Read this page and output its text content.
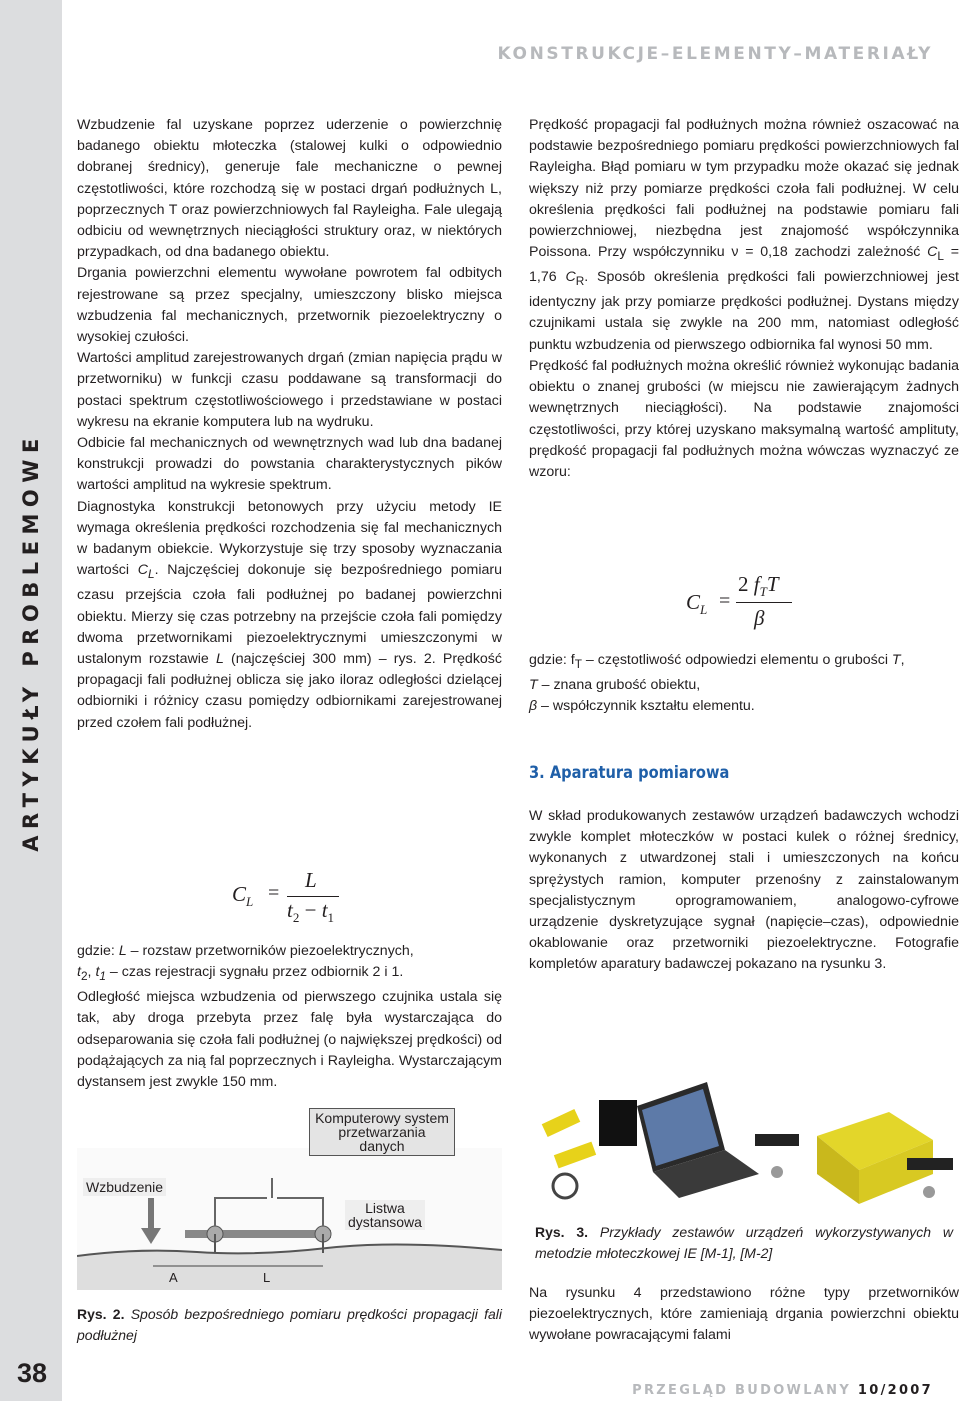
ARTYKUŁY PROBLEMOWE
38
KONSTRUKCJE–ELEMENTY–MATERIAŁY
PRZEGLĄD BUDOWLANY 10/2007

Wzbudzenie fal uzyskane poprzez uderzenie o powierzchnię badanego obiektu młoteczka (stalowej kulki o odpowiednio dobranej średnicy), generuje fale mechaniczne o pewnej częstotliwości, które rozchodzą się w postaci drgań podłużnych L, poprzecznych T oraz powierzchniowych fal Rayleigha. Fale ulegają odbiciu od wewnętrznych nieciągłości struktury oraz, w niektórych przypadkach, od dna badanego obiektu.

Drgania powierzchni elementu wywołane powrotem fal odbitych rejestrowane są przez specjalny, umieszczony blisko miejsca wzbudzenia fal mechanicznych, przetwornik piezoelektryczny o wysokiej czułości.

Wartości amplitud zarejestrowanych drgań (zmian napięcia prądu w przetworniku) w funkcji czasu poddawane są transformacji do postaci spektrum częstotliwościowego i przedstawiane w postaci wykresu na ekranie komputera lub na wydruku.

Odbicie fal mechanicznych od wewnętrznych wad lub dna badanej konstrukcji prowadzi do powstania charakterystycznych pików wartości amplitud na wykresie spektrum.

Diagnostyka konstrukcji betonowych przy użyciu metody IE wymaga określenia prędkości rozchodzenia się fal mechanicznych w badanym obiekcie. Wykorzystuje się trzy sposoby wyznaczania wartości $C_L$. Najczęściej dokonuje się bezpośredniego pomiaru czasu przejścia czoła fali podłużnej po badanej powierzchni obiektu. Mierzy się czas potrzebny na przejście czoła fali pomiędzy dwoma przetwornikami piezoelektrycznymi umieszczonymi w ustalonym rozstawie L (najczęściej 300 mm) – rys. 2. Prędkość propagacji fali podłużnej oblicza się jako iloraz odległości dzielącej odbiorniki i różnicy czasu pomiędzy odbiornikami zarejestrowanej przed czołem fali podłużnej.

$C_L$ =
L
$t_2 - t_1$

gdzie: L – rozstaw przetworników piezoelektrycznych,

$t_2$, $t_1$ – czas rejestracji sygnału przez odbiornik 2 i 1.

Odległość miejsca wzbudzenia od pierwszego czujnika ustala się tak, aby droga przebyta przez falę była wystarczająca do odseparowania się czoła fali podłużnej (o największej prędkości) od podążających za nią fal poprzecznych i Rayleigha. Wystarczającym dystansem jest zwykle 150 mm.

Wzbudzenie
Komputerowy system
przetwarzania
danych
Listwa
dystansowa
A	L
Rys. 2. Sposób bezpośredniego pomiaru prędkości propagacji fali podłużnej

Prędkość propagacji fal podłużnych można również oszacować na podstawie bezpośredniego pomiaru prędkości powierzchniowych fal Rayleigha. Błąd pomiaru w tym przypadku może okazać się jednak większy niż przy pomiarze prędkości czoła fali podłużnej. W celu określenia prędkości fali podłużnej na podstawie pomiaru fali powierzchniowej, niezbędna jest znajomość współczynnika Poissona. Przy współczynniku ν = 0,18 zachodzi zależność $C_L = 1,76$ $C_R$. Sposób określenia prędkości fali powierzchniowej jest identyczny jak przy pomiarze prędkości podłużnej. Dystans między czujnikami ustala się zwykle na 200 mm, natomiast odległość punktu wzbudzenia od pierwszego odbiornika fal wynosi 50 mm.

Prędkość fal podłużnych można określić również wykonując badania obiektu o znanej grubości (w miejscu nie zawierającym żadnych wewnętrznych nieciągłości). Na podstawie znajomości częstotliwości, przy której uzyskano maksymalną wartość amplituty, prędkość propagacji fal podłużnych można wówczas wyznaczyć ze wzoru:

$C_L$ =
2 $f_TT$
β

gdzie: $f_T$ – częstotliwość odpowiedzi elementu o grubości T,

T – znana grubość obiektu,

β – współczynnik kształtu elementu.

3. Aparatura pomiarowa

W skład produkowanych zestawów urządzeń badawczych wchodzi zwykle komplet młoteczków w postaci kulek o różnej średnicy, wykonanych z utwardzonej stali i umieszczonych na końcu sprężystych ramion, komputer przenośny z zainstalowanym specjalistycznym oprogramowaniem, analogowo-cyfrowe urządzenie dyskretyzujące sygnał (napięcie–czas), odpowiednie okablowanie oraz przetworniki piezoelektryczne. Fotografie kompletów aparatury badawczej pokazano na rysunku 3.

Rys. 3. Przykłady zestawów urządzeń wykorzystywanych w metodzie młoteczkowej IE [M-1], [M-2]

Na rysunku 4 przedstawiono różne typy przetworników piezoelektrycznych, które zamieniają drgania powierzchni obiektu wywołane powracającymi falami
